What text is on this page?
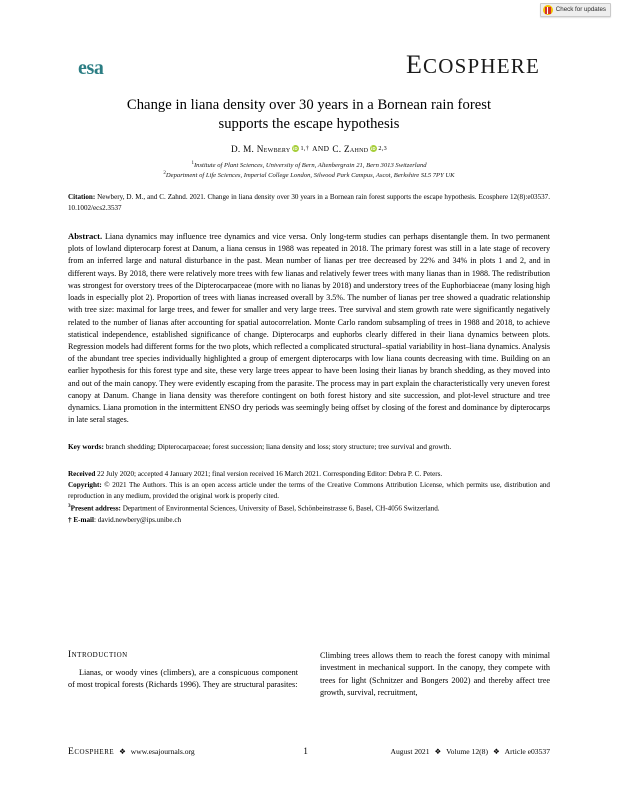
Check for updates
esa	ECOSPHERE
Change in liana density over 30 years in a Bornean rain forest
supports the escape hypothesis
D. M. Newbery iD 1,† AND C. Zahnd iD 2,3
$^1$Institute of Plant Sciences, University of Bern, Altenbergrain 21, Bern 3013 Switzerland
$^2$Department of Life Sciences, Imperial College London, Silwood Park Campus, Ascot, Berkshire SL5 7PY UK
Citation: Newbery, D. M., and C. Zahnd. 2021. Change in liana density over 30 years in a Bornean rain forest supports the escape hypothesis. Ecosphere 12(8):e03537. 10.1002/ecs2.3537
Abstract. Liana dynamics may influence tree dynamics and vice versa. Only long-term studies can perhaps disentangle them. In two permanent plots of lowland dipterocarp forest at Danum, a liana census in 1988 was repeated in 2018. The primary forest was still in a late stage of recovery from an inferred large and natural disturbance in the past. Mean number of lianas per tree decreased by 22% and 34% in plots 1 and 2, and in different ways. By 2018, there were relatively more trees with few lianas and relatively fewer trees with many lianas than in 1988. The redistribution was strongest for overstory trees of the Dipterocarpaceae (more with no lianas by 2018) and understory trees of the Euphorbiaceae (many losing high loads in especially plot 2). Proportion of trees with lianas increased overall by 3.5%. The number of lianas per tree showed a quadratic relationship with tree size: maximal for large trees, and fewer for smaller and very large trees. Tree survival and stem growth rate were significantly negatively related to the number of lianas after accounting for spatial autocorrelation. Monte Carlo random subsampling of trees in 1988 and 2018, to achieve statistical independence, established significance of change. Dipterocarps and euphorbs clearly differed in their liana dynamics between plots. Regression models had different forms for the two plots, which reflected a complicated structural–spatial variability in host–liana dynamics. Analysis of the abundant tree species individually highlighted a group of emergent dipterocarps with low liana counts decreasing with time. Building on an earlier hypothesis for this forest type and site, these very large trees appear to have been losing their lianas by branch shedding, as they moved into and out of the main canopy. They were evidently escaping from the parasite. The process may in part explain the characteristically very uneven forest canopy at Danum. Change in liana density was therefore contingent on both forest history and site succession, and plot-level structure and tree dynamics. Liana promotion in the intermittent ENSO dry periods was seemingly being offset by closing of the forest and dominance by dipterocarps in late seral stages.
Key words: branch shedding; Dipterocarpaceae; forest succession; liana density and loss; story structure; tree survival and growth.

Received 22 July 2020; accepted 4 January 2021; final version received 16 March 2021. Corresponding Editor: Debra P. C. Peters.

Copyright: © 2021 The Authors. This is an open access article under the terms of the Creative Commons Attribution License, which permits use, distribution and reproduction in any medium, provided the original work is properly cited.

$^3$Present address: Department of Environmental Sciences, University of Basel, Schönbeinstrasse 6, Basel, CH-4056 Switzerland.

† E-mail: david.newbery@ips.unibe.ch

Introduction

Lianas, or woody vines (climbers), are a conspicuous component of most tropical forests (Richards 1996). They are structural parasites:

Climbing trees allows them to reach the forest canopy with minimal investment in mechanical support. In the canopy, they compete with trees for light (Schnitzer and Bongers 2002) and thereby affect tree growth, survival, recruitment,

Ecosphere ❖ www.esajournals.org	1	August 2021 ❖ Volume 12(8) ❖ Article e03537
